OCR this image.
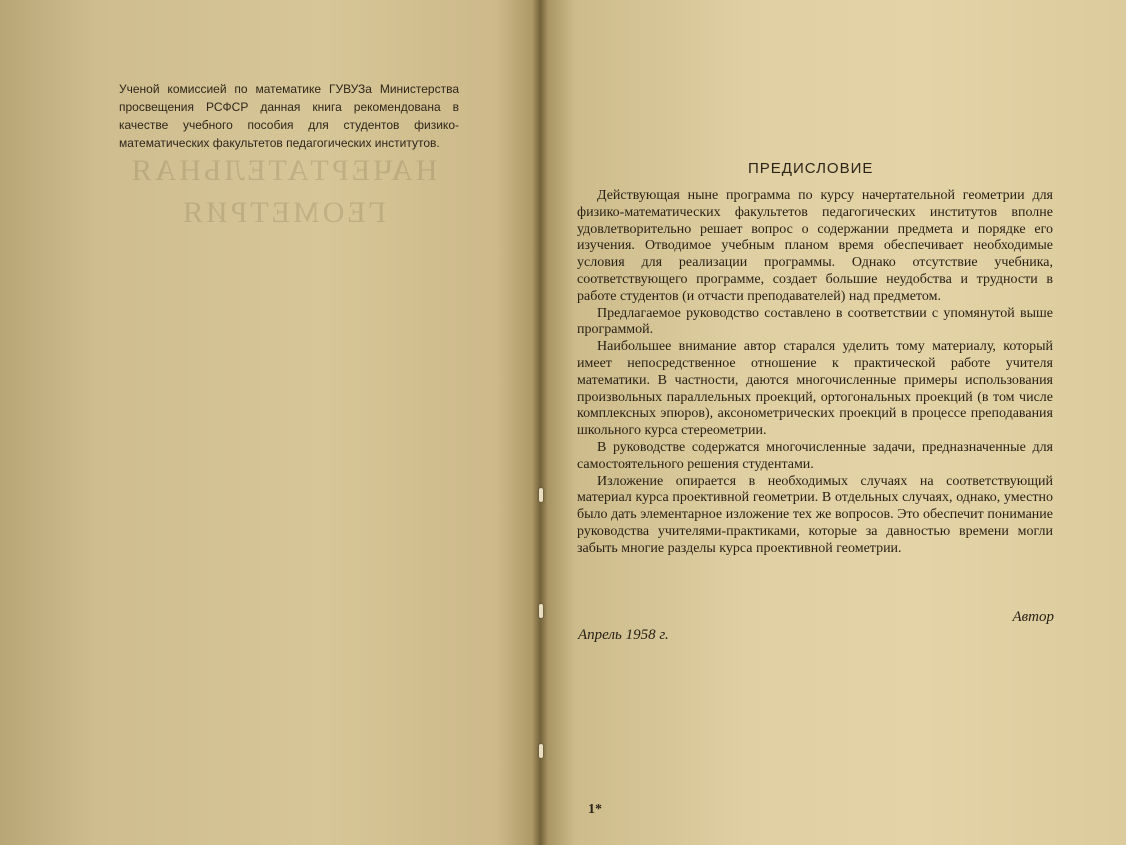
НАЧЕРТАТЕЛЬНАЯ
ГЕОМЕТРИЯ

Ученой комиссией по математике ГУВУЗа Министерства просвещения РСФСР данная книга рекомендована в качестве учебного пособия для студентов физико-математических факультетов педагогических институтов.

ПРЕДИСЛОВИЕ

Действующая ныне программа по курсу начертательной геометрии для физико-математических факультетов педагогических институтов вполне удовлетворительно решает вопрос о содержании предмета и порядке его изучения. Отводимое учебным планом время обеспечивает необходимые условия для реализации программы. Однако отсутствие учебника, соответствующего программе, создает большие неудобства и трудности в работе студентов (и отчасти преподавателей) над предметом.

Предлагаемое руководство составлено в соответствии с упомянутой выше программой.

Наибольшее внимание автор старался уделить тому материалу, который имеет непосредственное отношение к практической работе учителя математики. В частности, даются многочисленные примеры использования произвольных параллельных проекций, ортогональных проекций (в том числе комплексных эпюров), аксонометрических проекций в процессе преподавания школьного курса стереометрии.

В руководстве содержатся многочисленные задачи, предназначенные для самостоятельного решения студентами.

Изложение опирается в необходимых случаях на соответствующий материал курса проективной геометрии. В отдельных случаях, однако, уместно было дать элементарное изложение тех же вопросов. Это обеспечит понимание руководства учителями-практиками, которые за давностью времени могли забыть многие разделы курса проективной геометрии.

Автор
Апрель 1958 г.
1*
